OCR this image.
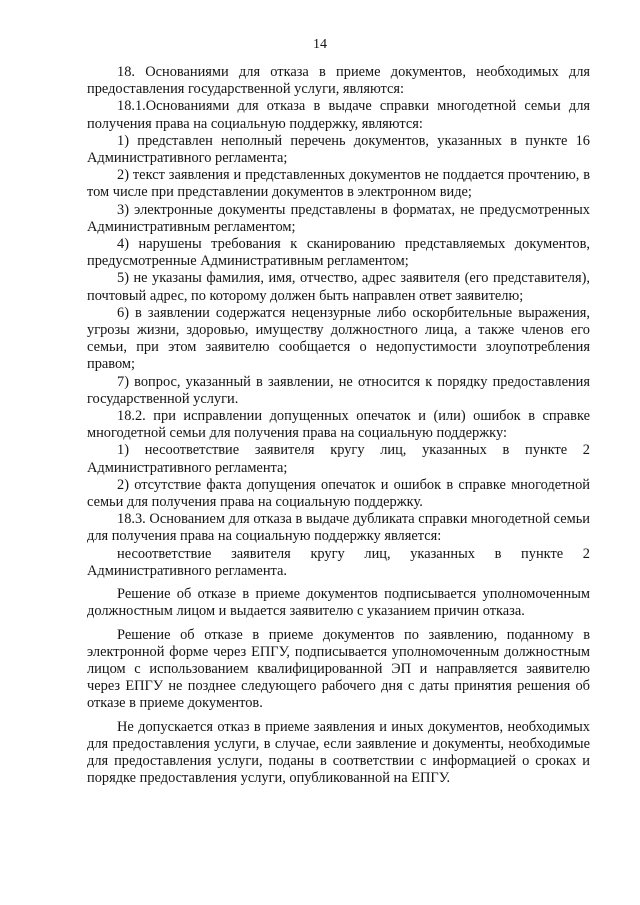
14

18. Основаниями для отказа в приеме документов, необходимых для предоставления государственной услуги, являются:

18.1.Основаниями для отказа в выдаче справки многодетной семьи для получения права на социальную поддержку, являются:

1) представлен неполный перечень документов, указанных в пункте 16 Административного регламента;

2) текст заявления и представленных документов не поддается прочтению, в том числе при представлении документов в электронном виде;

3) электронные документы представлены в форматах, не предусмотренных Административным регламентом;

4) нарушены требования к сканированию представляемых документов, предусмотренные Административным регламентом;

5) не указаны фамилия, имя, отчество, адрес заявителя (его представителя), почтовый адрес, по которому должен быть направлен ответ заявителю;

6) в заявлении содержатся нецензурные либо оскорбительные выражения, угрозы жизни, здоровью, имуществу должностного лица, а также членов его семьи, при этом заявителю сообщается о недопустимости злоупотребления правом;

7) вопрос, указанный в заявлении, не относится к порядку предоставления государственной услуги.

18.2. при исправлении допущенных опечаток и (или) ошибок в справке многодетной семьи для получения права на социальную поддержку:

1) несоответствие заявителя кругу лиц, указанных в пункте 2 Административного регламента;

2) отсутствие факта допущения опечаток и ошибок в справке многодетной семьи для получения права на социальную поддержку.

18.3. Основанием для отказа в выдаче дубликата справки многодетной семьи для получения права на социальную поддержку является:

несоответствие заявителя кругу лиц, указанных в пункте 2 Административного регламента.

Решение об отказе в приеме документов подписывается уполномоченным должностным лицом и выдается заявителю с указанием причин отказа.

Решение об отказе в приеме документов по заявлению, поданному в электронной форме через ЕПГУ, подписывается уполномоченным должностным лицом с использованием квалифицированной ЭП и направляется заявителю через ЕПГУ не позднее следующего рабочего дня с даты принятия решения об отказе в приеме документов.

Не допускается отказ в приеме заявления и иных документов, необходимых для предоставления услуги, в случае, если заявление и документы, необходимые для предоставления услуги, поданы в соответствии с информацией о сроках и порядке предоставления услуги, опубликованной на ЕПГУ.
